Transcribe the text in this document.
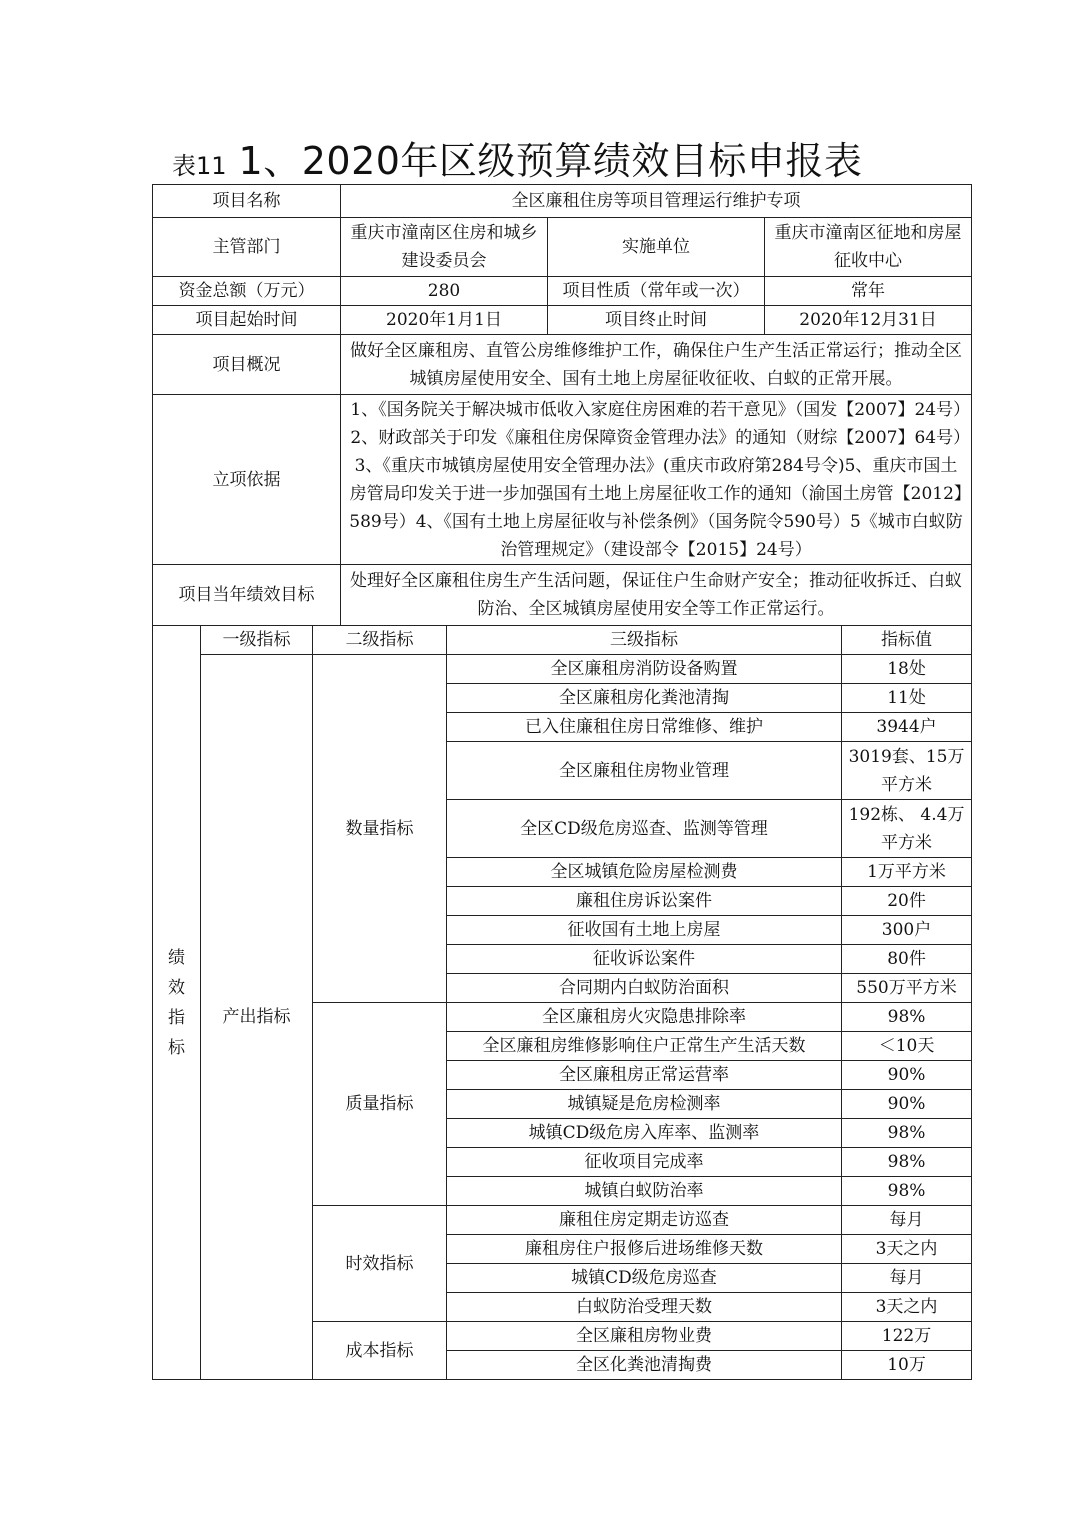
表11 1、2020年区级预算绩效目标申报表
项目名称			全区廉租住房等项目管理运行维护专项				
主管部门			重庆市潼南区住房和城乡建设委员会		实施单位	重庆市潼南区征地和房屋征收中心	
资金总额（万元）			280		项目性质（常年或一次）	常年	
项目起始时间			2020年1月1日		项目终止时间	2020年12月31日	
项目概况			做好全区廉租房、直管公房维修维护工作，确保住户生产生活正常运行；推动全区城镇房屋使用安全、国有土地上房屋征收征收、白蚁的正常开展。				
立项依据			1、《国务院关于解决城市低收入家庭住房困难的若干意见》（国发【2007】24号）2、财政部关于印发《廉租住房保障资金管理办法》的通知（财综【2007】64号）3、《重庆市城镇房屋使用安全管理办法》(重庆市政府第284号令)5、重庆市国土房管局印发关于进一步加强国有土地上房屋征收工作的通知（渝国土房管【2012】589号）4、《国有土地上房屋征收与补偿条例》（国务院令590号）5《城市白蚁防治管理规定》（建设部令【2015】24号）				
项目当年绩效目标			处理好全区廉租住房生产生活问题，保证住户生命财产安全；推动征收拆迁、白蚁防治、全区城镇房屋使用安全等工作正常运行。				
绩效指标	一级指标	二级指标		三级指标			指标值
	产出指标	数量指标		全区廉租房消防设备购置			18处
				全区廉租房化粪池清掏			11处
				已入住廉租住房日常维修、维护			3944户
				全区廉租住房物业管理			3019套、15万平方米
				全区CD级危房巡查、监测等管理			192栋、 4.4万平方米
				全区城镇危险房屋检测费			1万平方米
				廉租住房诉讼案件			20件
				征收国有土地上房屋			300户
				征收诉讼案件			80件
				合同期内白蚁防治面积			550万平方米
		质量指标		全区廉租房火灾隐患排除率			98%
				全区廉租房维修影响住户正常生产生活天数			＜10天
				全区廉租房正常运营率			90%
				城镇疑是危房检测率			90%
				城镇CD级危房入库率、监测率			98%
				征收项目完成率			98%
				城镇白蚁防治率			98%
		时效指标		廉租住房定期走访巡查			每月
				廉租房住户报修后进场维修天数			3天之内
				城镇CD级危房巡查			每月
				白蚁防治受理天数			3天之内
		成本指标		全区廉租房物业费			122万
				全区化粪池清掏费			10万
